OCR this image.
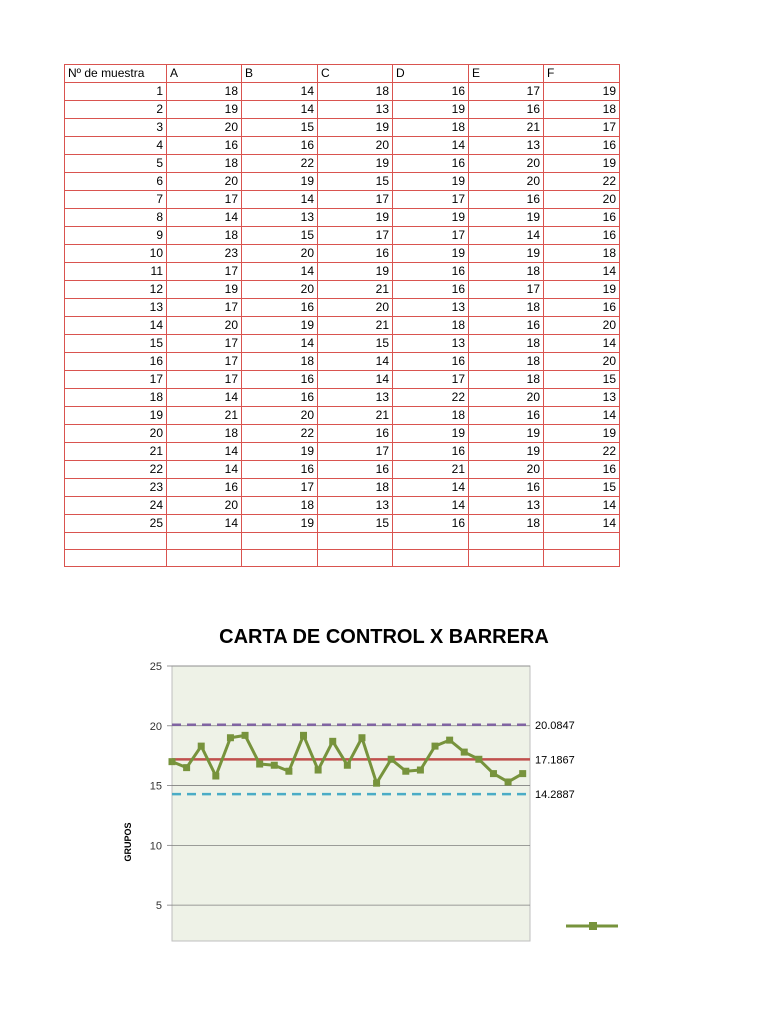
Nº de muestra	A	B	C	D	E	F
1	18	14	18	16	17	19
2	19	14	13	19	16	18
3	20	15	19	18	21	17
4	16	16	20	14	13	16
5	18	22	19	16	20	19
6	20	19	15	19	20	22
7	17	14	17	17	16	20
8	14	13	19	19	19	16
9	18	15	17	17	14	16
10	23	20	16	19	19	18
11	17	14	19	16	18	14
12	19	20	21	16	17	19
13	17	16	20	13	18	16
14	20	19	21	18	16	20
15	17	14	15	13	18	14
16	17	18	14	16	18	20
17	17	16	14	17	18	15
18	14	16	13	22	20	13
19	21	20	21	18	16	14
20	18	22	16	19	19	19
21	14	19	17	16	19	22
22	14	16	16	21	20	16
23	16	17	18	14	16	15
24	20	18	13	14	13	14
25	14	19	15	16	18	14

CARTA DE CONTROL X BARRERA
5
10
15
20
25
20.0847
17.1867
14.2887
GRUPOS
